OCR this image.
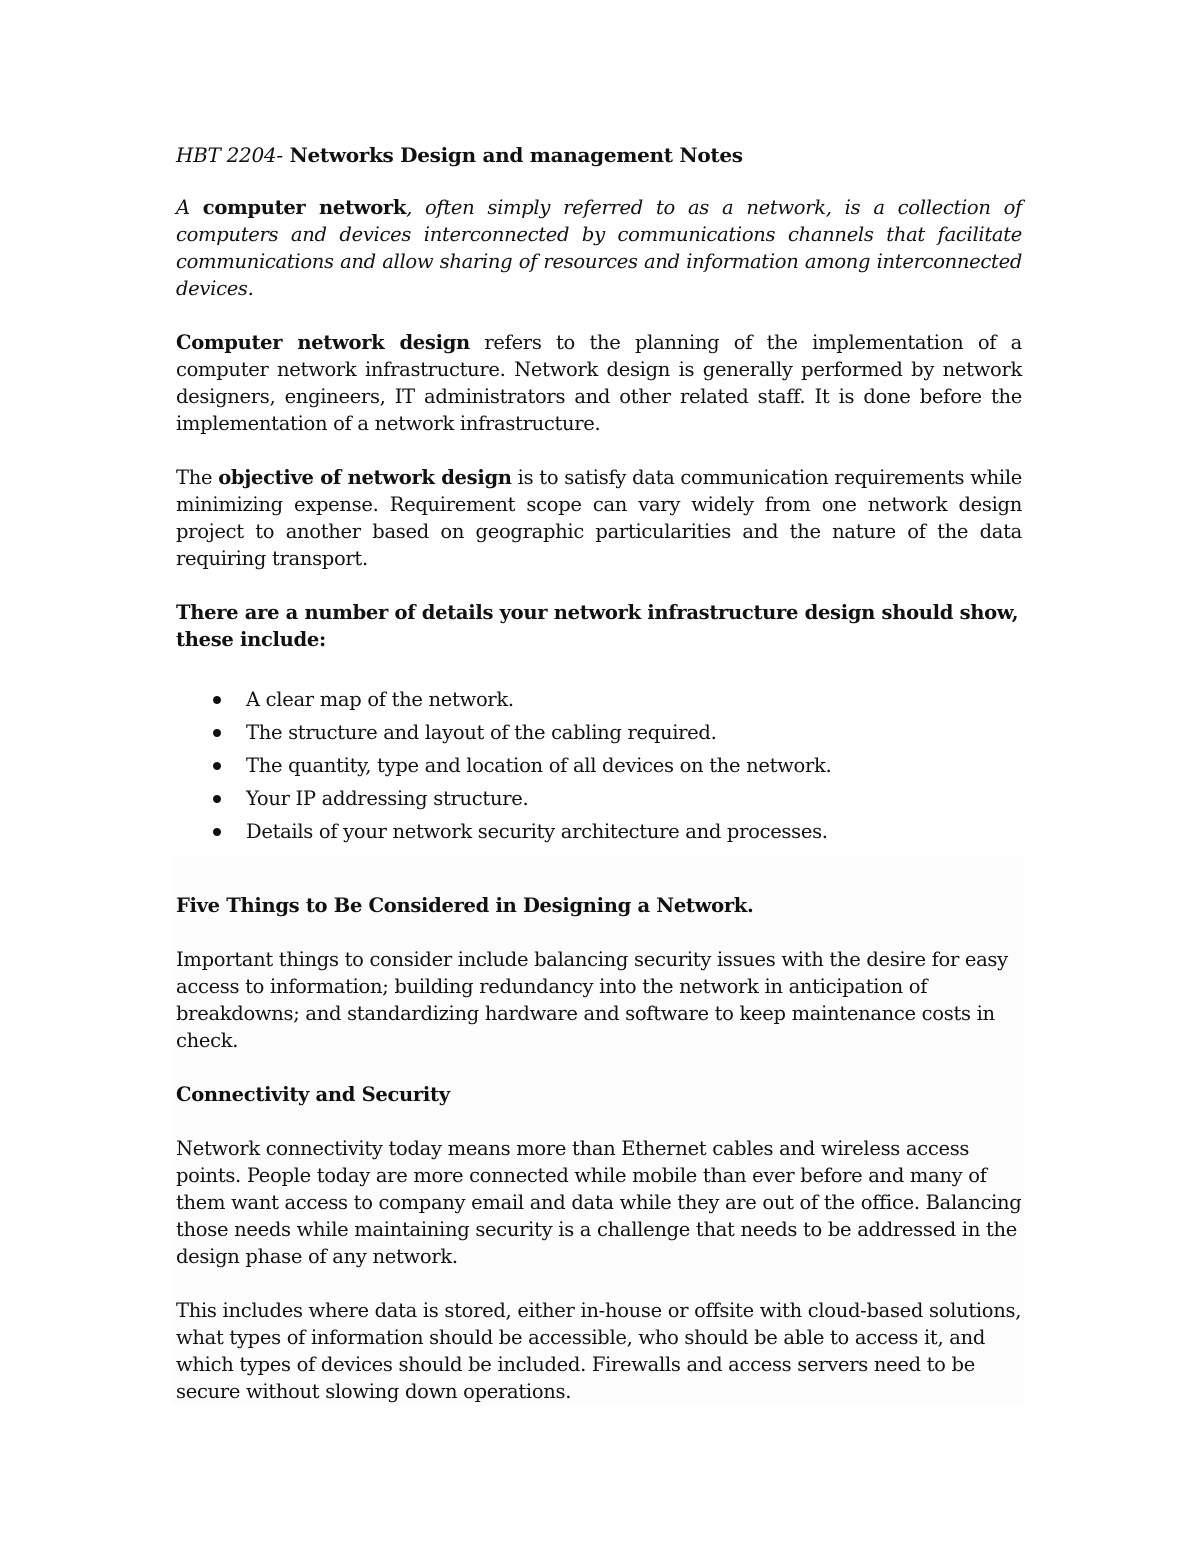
HBT 2204- Networks Design and management Notes

A computer network, often simply referred to as a network, is a collection of computers and devices interconnected by communications channels that facilitate communications and allow sharing of resources and information among interconnected devices.

Computer network design refers to the planning of the implementation of a computer network infrastructure. Network design is generally performed by network designers, engineers, IT administrators and other related staff. It is done before the implementation of a network infrastructure.

The objective of network design is to satisfy data communication requirements while minimizing expense. Requirement scope can vary widely from one network design project to another based on geographic particularities and the nature of the data requiring transport.

There are a number of details your network infrastructure design should show, these include:

A clear map of the network.
The structure and layout of the cabling required.
The quantity, type and location of all devices on the network.
Your IP addressing structure.
Details of your network security architecture and processes.

Five Things to Be Considered in Designing a Network.

Important things to consider include balancing security issues with the desire for easy access to information; building redundancy into the network in anticipation of breakdowns; and standardizing hardware and software to keep maintenance costs in check.

Connectivity and Security

Network connectivity today means more than Ethernet cables and wireless access points. People today are more connected while mobile than ever before and many of them want access to company email and data while they are out of the office. Balancing those needs while maintaining security is a challenge that needs to be addressed in the design phase of any network.

This includes where data is stored, either in-house or offsite with cloud-based solutions, what types of information should be accessible, who should be able to access it, and which types of devices should be included. Firewalls and access servers need to be secure without slowing down operations.
